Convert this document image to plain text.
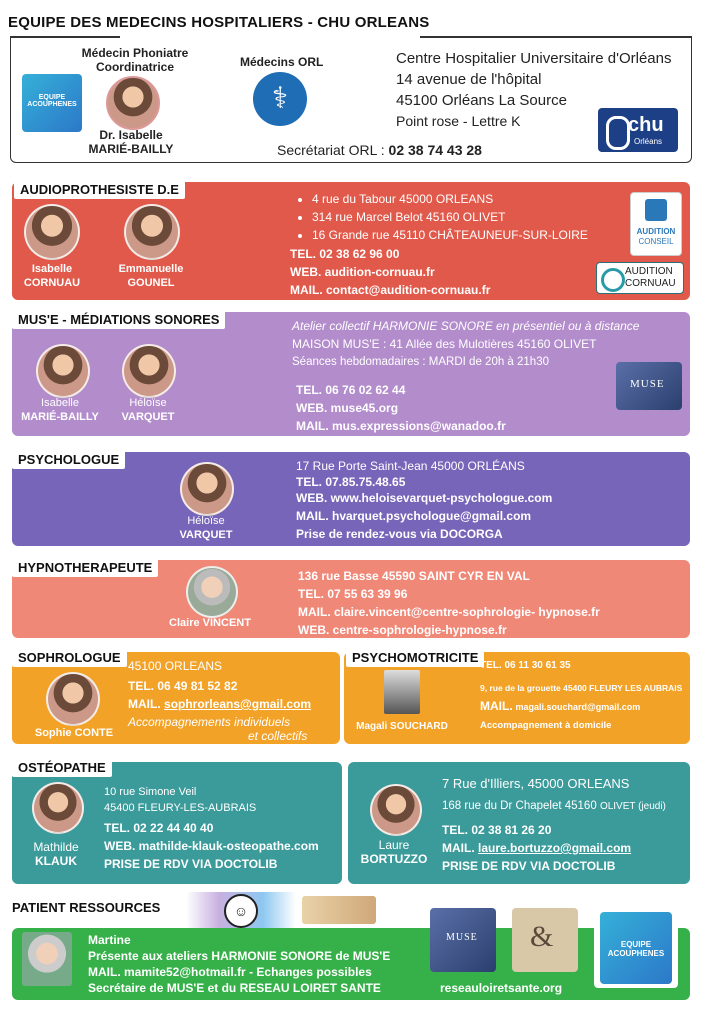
EQUIPE DES MEDECINS HOSPITALIERS - CHU ORLEANS
EQUIPE ACOUPHENES
Médecin Phoniatre
Coordinatrice
Dr. Isabelle
MARIÉ-BAILLY
Médecins ORL
⚕
Centre Hospitalier Universitaire d'Orléans
14 avenue de l'hôpital
45100 Orléans La Source
Point rose - Lettre K	chu
Orléans
Secrétariat ORL : 02 38 74 43 28
AUDIOPROTHESISTE D.E
Isabelle
CORNUAU
Emmanuelle
GOUNEL
• 4 rue du Tabour 45000 ORLEANS
• 314 rue Marcel Belot 45160 OLIVET
• 16 Grande rue 45110 CHÂTEAUNEUF-SUR-LOIRE
TEL. 02 38 62 96 00
WEB. audition-cornuau.fr
MAIL. contact@audition-cornuau.fr
AUDITION
CONSEIL
AUDITION
CORNUAU
MUS'E - MÉDIATIONS SONORES
Isabelle
MARIÉ-BAILLY
Héloïse
VARQUET
Atelier collectif HARMONIE SONORE en présentiel ou à distance
MAISON MUS'E : 41 Allée des Mulotières 45160 OLIVET
Séances hebdomadaires : MARDI de 20h à 21h30
TEL. 06 76 02 62 44
WEB. muse45.org
MAIL. mus.expressions@wanadoo.fr
MUSE
PSYCHOLOGUE
Héloïse
VARQUET
17 Rue Porte Saint-Jean 45000 ORLÉANS
TEL. 07.85.75.48.65
WEB. www.heloisevarquet-psychologue.com
MAIL. hvarquet.psychologue@gmail.com
Prise de rendez-vous via DOCORGA
HYPNOTHERAPEUTE
Claire VINCENT
136 rue Basse 45590 SAINT CYR EN VAL
TEL. 07 55 63 39 96
MAIL. claire.vincent@centre-sophrologie- hypnose.fr
WEB. centre-sophrologie-hypnose.fr
SOPHROLOGUE
Sophie CONTE
45100 ORLEANS
TEL. 06 49 81 52 82
MAIL. sophrorleans@gmail.com
Accompagnements individuels
et collectifs
PSYCHOMOTRICITE
Magali SOUCHARD
TEL. 06 11 30 61 35
9, rue de la grouette 45400 FLEURY LES AUBRAIS
MAIL. magali.souchard@gmail.com
Accompagnement à domicile
OSTÉOPATHE
Mathilde
KLAUK
10 rue Simone Veil
45400 FLEURY-LES-AUBRAIS
TEL. 02 22 44 40 40
WEB. mathilde-klauk-osteopathe.com
PRISE DE RDV VIA DOCTOLIB
Laure
BORTUZZO
7 Rue d'Illiers, 45000 ORLEANS
168 rue du Dr Chapelet 45160 OLIVET (jeudi)
TEL. 02 38 81 26 20
MAIL. laure.bortuzzo@gmail.com
PRISE DE RDV VIA DOCTOLIB
PATIENT RESSOURCES	☺
Martine
Présente aux ateliers HARMONIE SONORE de MUS'E
MAIL. mamite52@hotmail.fr - Echanges possibles
Secrétaire de MUS'E et du RESEAU LOIRET SANTE
MUSE &
reseauloiretsante.org
EQUIPE ACOUPHENES
